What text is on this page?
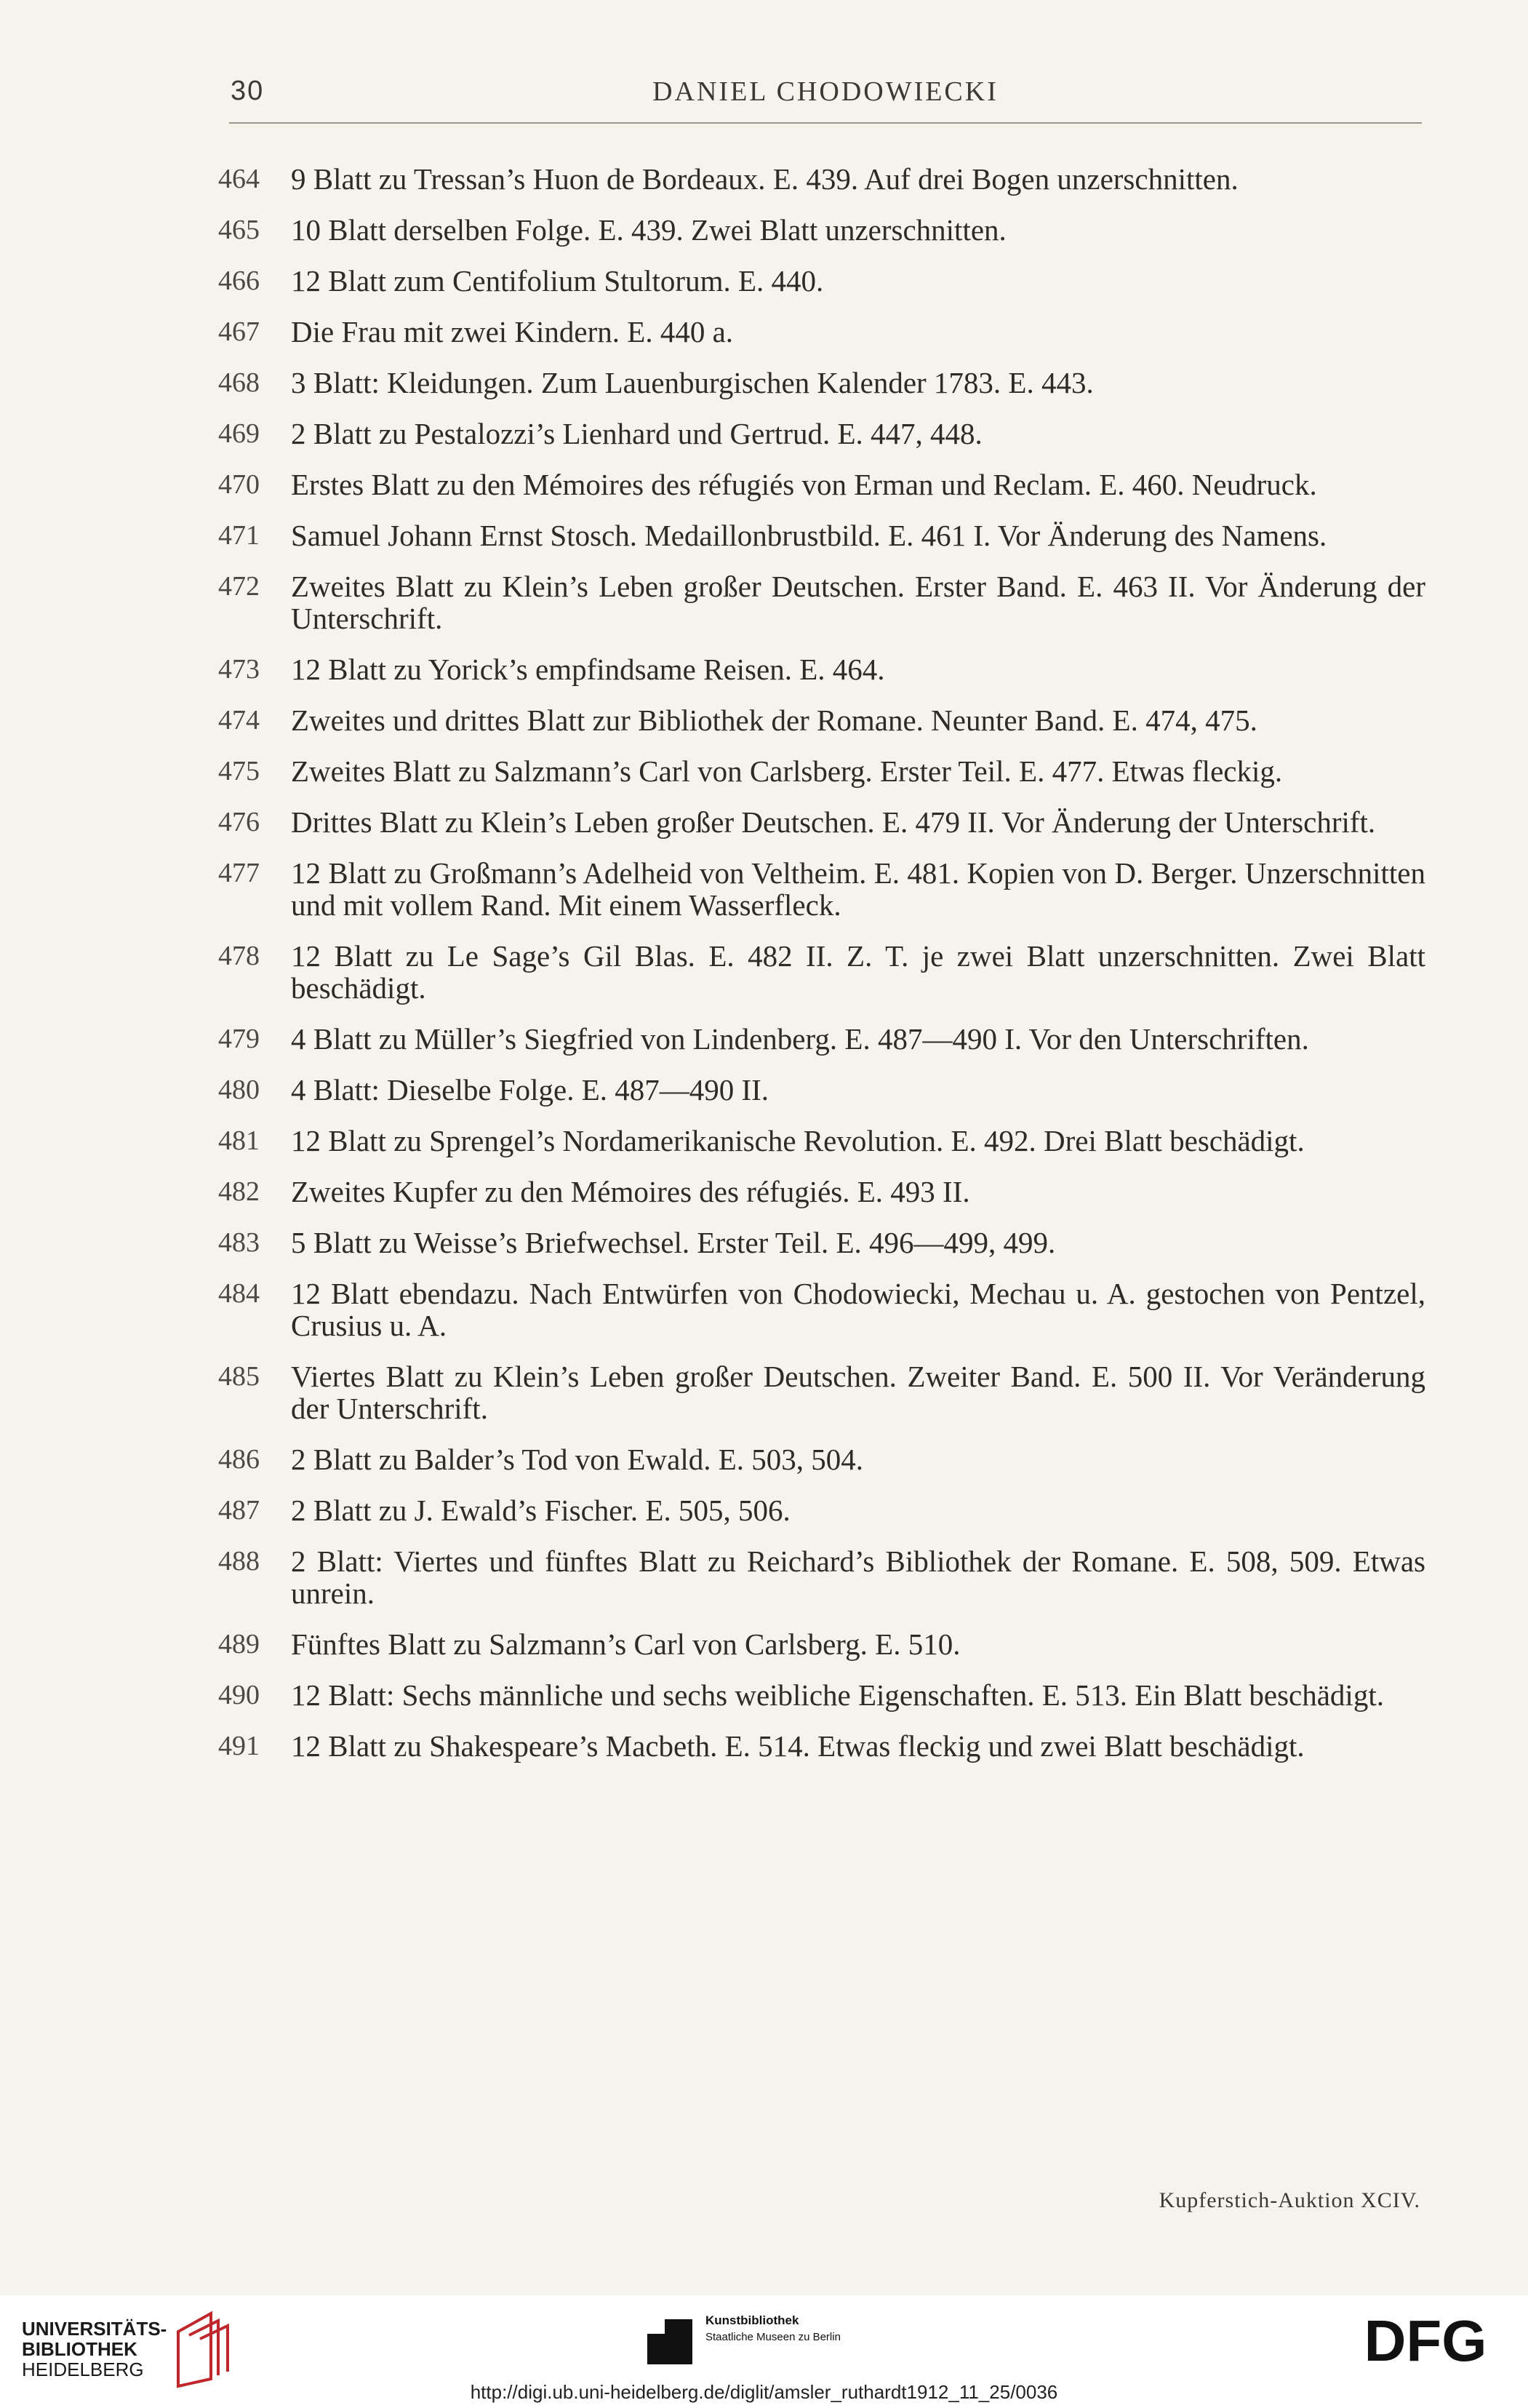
30	DANIEL CHODOWIECKI
464	9 Blatt zu Tressan’s Huon de Bordeaux. E. 439. Auf drei Bogen unzerschnitten.
465	10 Blatt derselben Folge. E. 439. Zwei Blatt unzerschnitten.
466	12 Blatt zum Centifolium Stultorum. E. 440.
467	Die Frau mit zwei Kindern. E. 440 a.
468	3 Blatt: Kleidungen. Zum Lauenburgischen Kalender 1783. E. 443.
469	2 Blatt zu Pestalozzi’s Lienhard und Gertrud. E. 447, 448.
470	Erstes Blatt zu den Mémoires des réfugiés von Erman und Reclam. E. 460. Neudruck.
471	Samuel Johann Ernst Stosch. Medaillonbrustbild. E. 461 I. Vor Änderung des Namens.
472	Zweites Blatt zu Klein’s Leben großer Deutschen. Erster Band. E. 463 II. Vor Änderung der Unterschrift.
473	12 Blatt zu Yorick’s empfindsame Reisen. E. 464.
474	Zweites und drittes Blatt zur Bibliothek der Romane. Neunter Band. E. 474, 475.
475	Zweites Blatt zu Salzmann’s Carl von Carlsberg. Erster Teil. E. 477. Etwas fleckig.
476	Drittes Blatt zu Klein’s Leben großer Deutschen. E. 479 II. Vor Änderung der Unterschrift.
477	12 Blatt zu Großmann’s Adelheid von Veltheim. E. 481. Kopien von D. Berger. Unzerschnitten und mit vollem Rand. Mit einem Wasserfleck.
478	12 Blatt zu Le Sage’s Gil Blas. E. 482 II. Z. T. je zwei Blatt unzerschnitten. Zwei Blatt beschädigt.
479	4 Blatt zu Müller’s Siegfried von Lindenberg. E. 487—490 I. Vor den Unterschriften.
480	4 Blatt: Dieselbe Folge. E. 487—490 II.
481	12 Blatt zu Sprengel’s Nordamerikanische Revolution. E. 492. Drei Blatt beschädigt.
482	Zweites Kupfer zu den Mémoires des réfugiés. E. 493 II.
483	5 Blatt zu Weisse’s Briefwechsel. Erster Teil. E. 496—499, 499.
484	12 Blatt ebendazu. Nach Entwürfen von Chodowiecki, Mechau u. A. gestochen von Pentzel, Crusius u. A.
485	Viertes Blatt zu Klein’s Leben großer Deutschen. Zweiter Band. E. 500 II. Vor Veränderung der Unterschrift.
486	2 Blatt zu Balder’s Tod von Ewald. E. 503, 504.
487	2 Blatt zu J. Ewald’s Fischer. E. 505, 506.
488	2 Blatt: Viertes und fünftes Blatt zu Reichard’s Bibliothek der Romane. E. 508, 509. Etwas unrein.
489	Fünftes Blatt zu Salzmann’s Carl von Carlsberg. E. 510.
490	12 Blatt: Sechs männliche und sechs weibliche Eigenschaften. E. 513. Ein Blatt beschädigt.
491	12 Blatt zu Shakespeare’s Macbeth. E. 514. Etwas fleckig und zwei Blatt beschädigt.
Kupferstich-Auktion XCIV.
UNIVERSITÄTS-
BIBLIOTHEK
HEIDELBERG
Kunstbibliothek
Staatliche Museen zu Berlin	DFG
http://digi.ub.uni-heidelberg.de/diglit/amsler_ruthardt1912_11_25/0036
